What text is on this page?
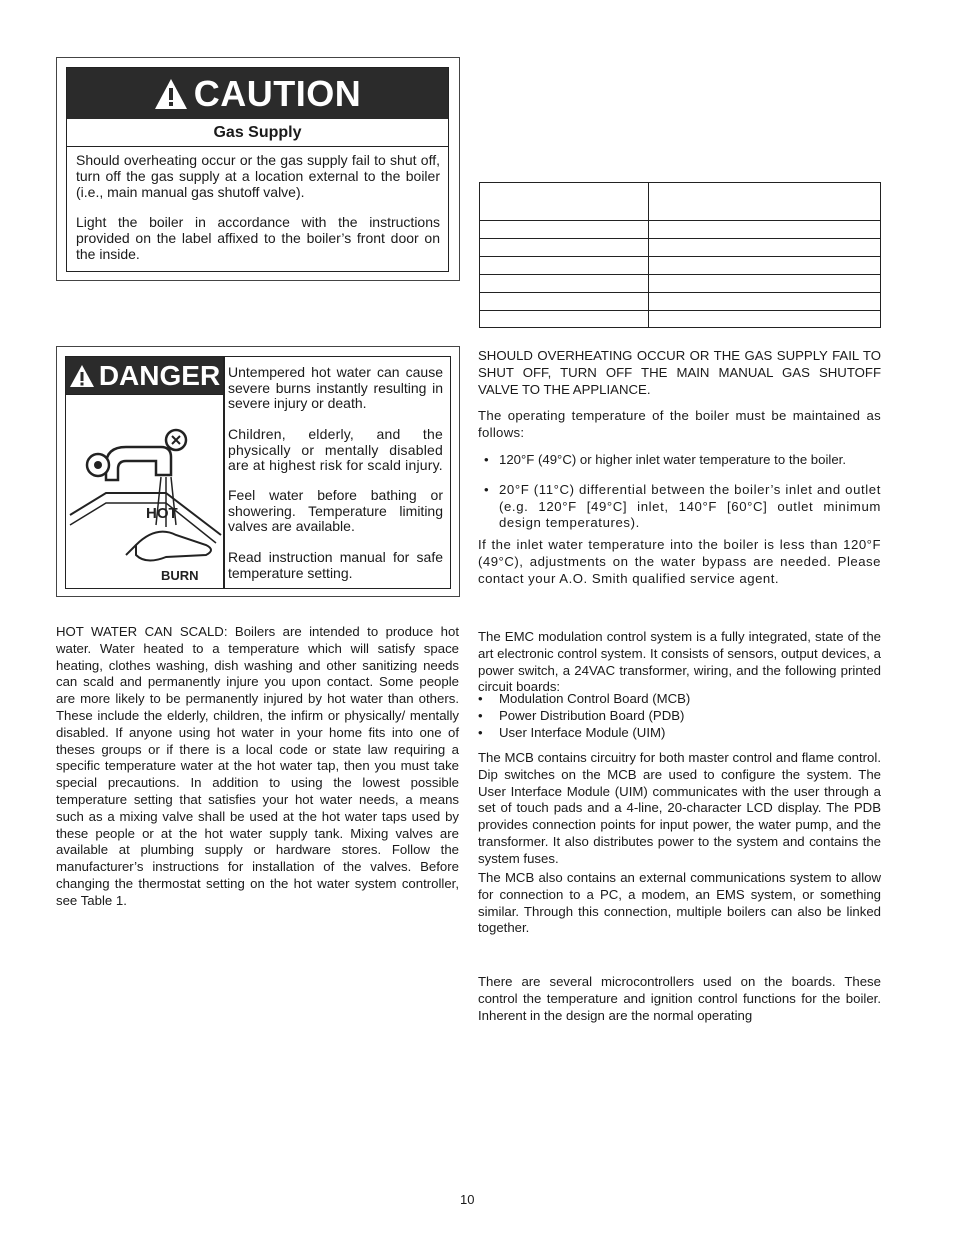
CAUTION
Gas Supply
Should overheating occur or the gas supply fail to shut off, turn off the gas supply at a location external to the boiler (i.e., main manual gas shutoff valve).
Light the boiler in accordance with the instructions provided on the label affixed to the boiler’s front door on the inside.
DANGER
HOT
BURN
Untempered hot water can cause severe burns instantly resulting in severe injury or death.
Children, elderly, and the physically or mentally disabled are at highest risk for scald injury.
Feel water before bathing or showering. Temperature limiting valves are available.
Read instruction manual for safe temperature setting.
HOT WATER CAN SCALD: Boilers are intended to produce hot water. Water heated to a temperature which will satisfy space heating, clothes washing, dish washing and other sanitizing needs can scald and permanently injure you upon contact. Some people are more likely to be permanently injured by hot water than others. These include the elderly, children, the infirm or physically/ mentally disabled. If anyone using hot water in your home fits into one of theses groups or if there is a local code or state law requiring a specific temperature water at the hot water tap, then you must take special precautions. In addition to using the lowest possible temperature setting that satisfies your hot water needs, a means such as a mixing valve shall be used at the hot water taps used by these people or at the hot water supply tank. Mixing valves are available at plumbing supply or hardware stores. Follow the manufacturer’s instructions for installation of the valves. Before changing the thermostat setting on the hot water system controller, see Table 1.
SHOULD OVERHEATING OCCUR OR THE GAS SUPPLY FAIL TO SHUT OFF, TURN OFF THE MAIN MANUAL GAS SHUTOFF VALVE TO THE APPLIANCE.
The operating temperature of the boiler must be maintained as follows:
• 120°F (49°C) or higher inlet water temperature to the boiler.
• 20°F (11°C) differential between the boiler’s inlet and outlet (e.g. 120°F [49°C] inlet, 140°F [60°C] outlet minimum design temperatures).
If the inlet water temperature into the boiler is less than 120°F (49°C), adjustments on the water bypass are needed. Please contact your A.O. Smith qualified service agent.
The EMC modulation control system is a fully integrated, state of the art electronic control system. It consists of sensors, output devices, a power switch, a 24VAC transformer, wiring, and the following printed circuit boards:
•	Modulation Control Board (MCB)
•	Power Distribution Board (PDB)
•	User Interface Module (UIM)
The MCB contains circuitry for both master control and flame control. Dip switches on the MCB are used to configure the system. The User Interface Module (UIM) communicates with the user through a set of touch pads and a 4-line, 20-character LCD display. The PDB provides connection points for input power, the water pump, and the transformer. It also distributes power to the system and contains the system fuses.
The MCB also contains an external communications system to allow for connection to a PC, a modem, an EMS system, or something similar. Through this connection, multiple boilers can also be linked together.
There are several microcontrollers used on the boards. These control the temperature and ignition control functions for the boiler. Inherent in the design are the normal operating
10
